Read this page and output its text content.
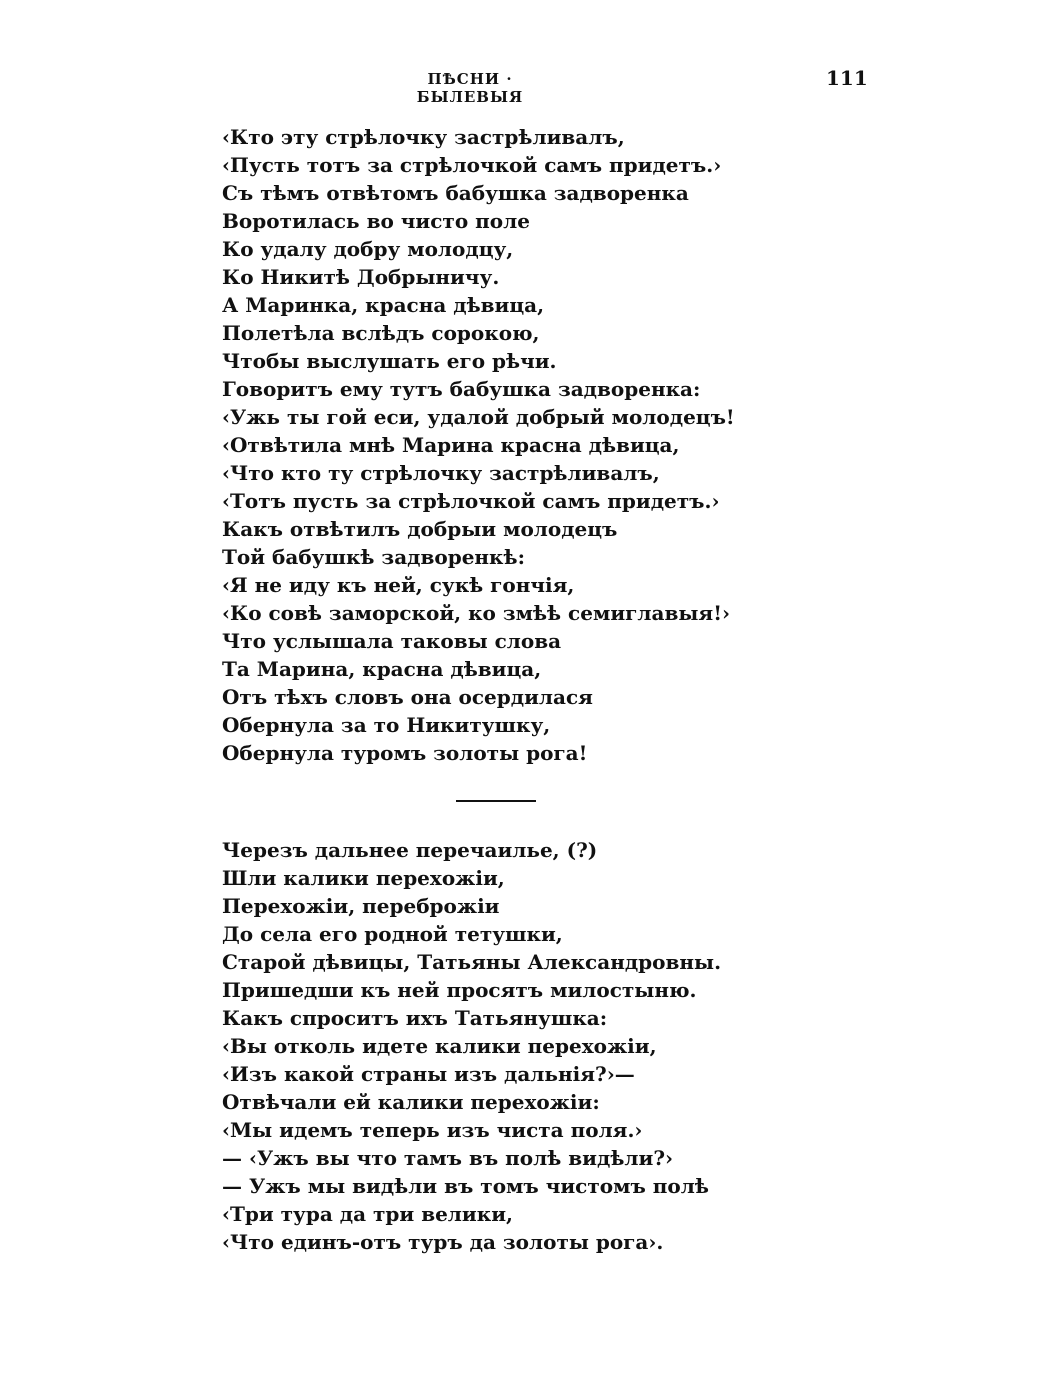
ПѢСНИ · БЫЛЕВЫЯ
111
‹Кто эту стрѣлочку застрѣливалъ,
‹Пусть тотъ за стрѣлочкой самъ придетъ.›
Съ тѣмъ отвѣтомъ бабушка задворенка
Воротилась во чисто поле
Ко удалу добру молодцу,
Ко Никитѣ Добрыничу.
А Маринка, красна дѣвица,
Полетѣла вслѣдъ сорокою,
Чтобы выслушать его рѣчи.
Говоритъ ему тутъ бабушка задворенка:
‹Ужь ты гой еси, удалой добрый молодецъ!
‹Отвѣтила мнѣ Марина красна дѣвица,
‹Что кто ту стрѣлочку застрѣливалъ,
‹Тотъ пусть за стрѣлочкой самъ придетъ.›
Какъ отвѣтилъ добрыи молодецъ
Той бабушкѣ задворенкѣ:
‹Я не иду къ ней, сукѣ гончія,
‹Ко совѣ заморской, ко змѣѣ семиглавыя!›
Что услышала таковы слова
Та Марина, красна дѣвица,
Отъ тѣхъ словъ она осердилася
Обернула за то Никитушку,
Обернула туромъ золоты рога!
Черезъ дальнее перечаилье, (?)
Шли калики перехожіи,
Перехожіи, переброжіи
До села его родной тетушки,
Старой дѣвицы, Татьяны Александровны.
Пришедши къ ней просятъ милостыню.
Какъ спроситъ ихъ Татьянушка:
‹Вы отколь идете калики перехожіи,
‹Изъ какой страны изъ дальнія?›—
Отвѣчали ей калики перехожіи:
‹Мы идемъ теперь изъ чиста поля.›
— ‹Ужъ вы что тамъ въ полѣ видѣли?›
— Ужъ мы видѣли въ томъ чистомъ полѣ
‹Три тура да три велики,
‹Что единъ-отъ туръ да золоты рога›.
